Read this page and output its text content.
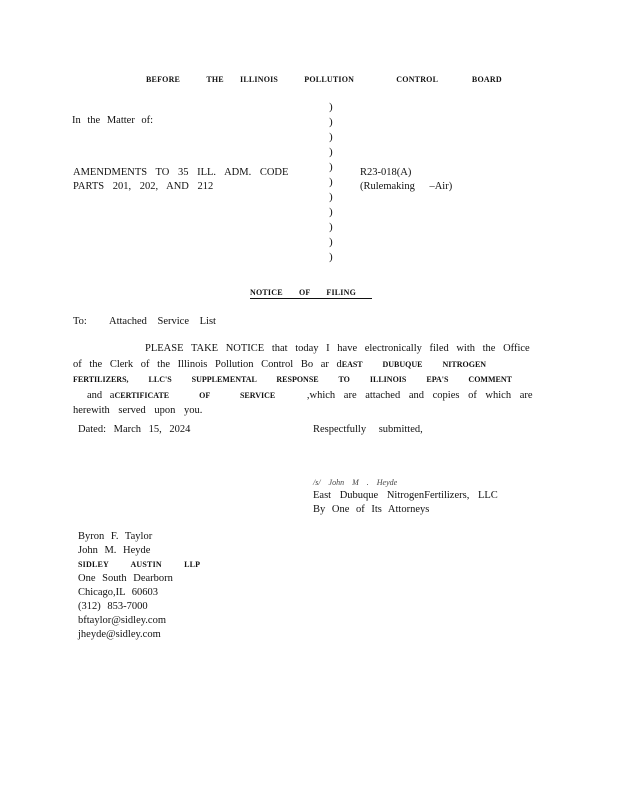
BEFORE	THE ILLINOIS	POLLUTION	CONTROL	BOARD
In the Matter of:
AMENDMENTS TO 35 ILL. ADM. CODE
PARTS 201, 202, AND 212
)
)
)
)
)
)
)
)
)
)
)
R23-018(A)
(Rulemaking –Air)
NOTICE OF FILING
To: Attached Service List
PLEASE TAKE NOTICE that today I have electronically filed with the Office of the Clerk of the Illinois Pollution Control Bo ar dEAST DUBUQUE NITROGEN FERTILIZERS, LLC'S SUPPLEMENTAL RESPONSE TO ILLINOIS EPA'S COMMENT and aCERTIFICATE OF SERVICE	,which are attached and copies of which are herewith served upon you.
Dated: March 15, 2024	Respectfully submitted,
/s/ John M . Heyde
East Dubuque NitrogenFertilizers, LLC
By One of Its Attorneys
Byron F. Taylor
John M. Heyde
SIDLEY AUSTIN LLP
One South Dearborn
Chicago,IL 60603
(312) 853-7000
bftaylor@sidley.com
jheyde@sidley.com
